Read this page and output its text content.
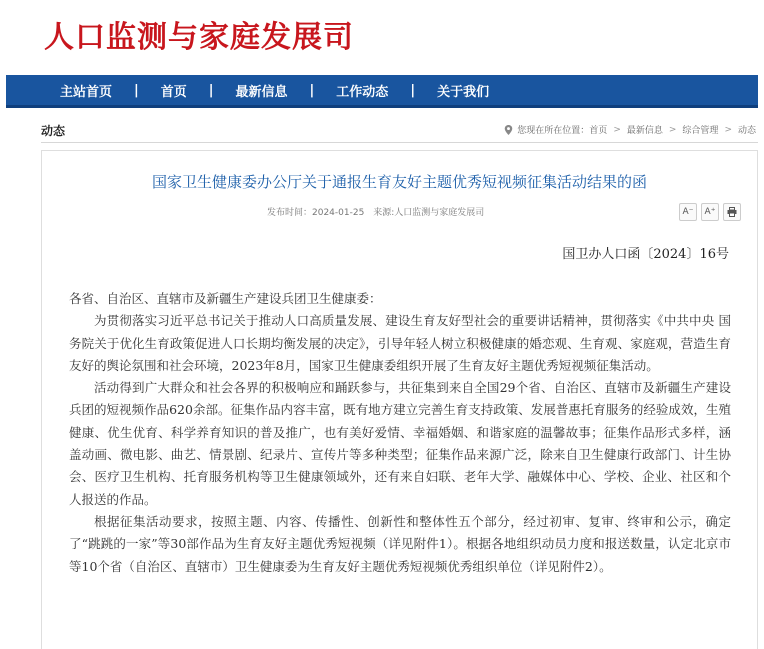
人口监测与家庭发展司
主站首页 | 首页 | 最新信息 | 工作动态 | 关于我们
动态	您现在所在位置： 首页 > 最新信息 > 综合管理 > 动态
国家卫生健康委办公厅关于通报生育友好主题优秀短视频征集活动结果的函
发布时间：2024-01-25 来源:人口监测与家庭发展司	A⁻	A⁺
国卫办人口函〔2024〕16号

各省、自治区、直辖市及新疆生产建设兵团卫生健康委：

为贯彻落实习近平总书记关于推动人口高质量发展、建设生育友好型社会的重要讲话精神，贯彻落实《中共中央 国务院关于优化生育政策促进人口长期均衡发展的决定》，引导年轻人树立积极健康的婚恋观、生育观、家庭观，营造生育友好的舆论氛围和社会环境，2023年8月，国家卫生健康委组织开展了生育友好主题优秀短视频征集活动。

活动得到广大群众和社会各界的积极响应和踊跃参与，共征集到来自全国29个省、自治区、直辖市及新疆生产建设兵团的短视频作品620余部。征集作品内容丰富，既有地方建立完善生育支持政策、发展普惠托育服务的经验成效，生殖健康、优生优育、科学养育知识的普及推广，也有美好爱情、幸福婚姻、和谐家庭的温馨故事；征集作品形式多样，涵盖动画、微电影、曲艺、情景剧、纪录片、宣传片等多种类型；征集作品来源广泛，除来自卫生健康行政部门、计生协会、医疗卫生机构、托育服务机构等卫生健康领域外，还有来自妇联、老年大学、融媒体中心、学校、企业、社区和个人报送的作品。

根据征集活动要求，按照主题、内容、传播性、创新性和整体性五个部分，经过初审、复审、终审和公示，确定了“跳跳的一家”等30部作品为生育友好主题优秀短视频（详见附件1）。根据各地组织动员力度和报送数量，认定北京市等10个省（自治区、直辖市）卫生健康委为生育友好主题优秀短视频优秀组织单位（详见附件2）。
